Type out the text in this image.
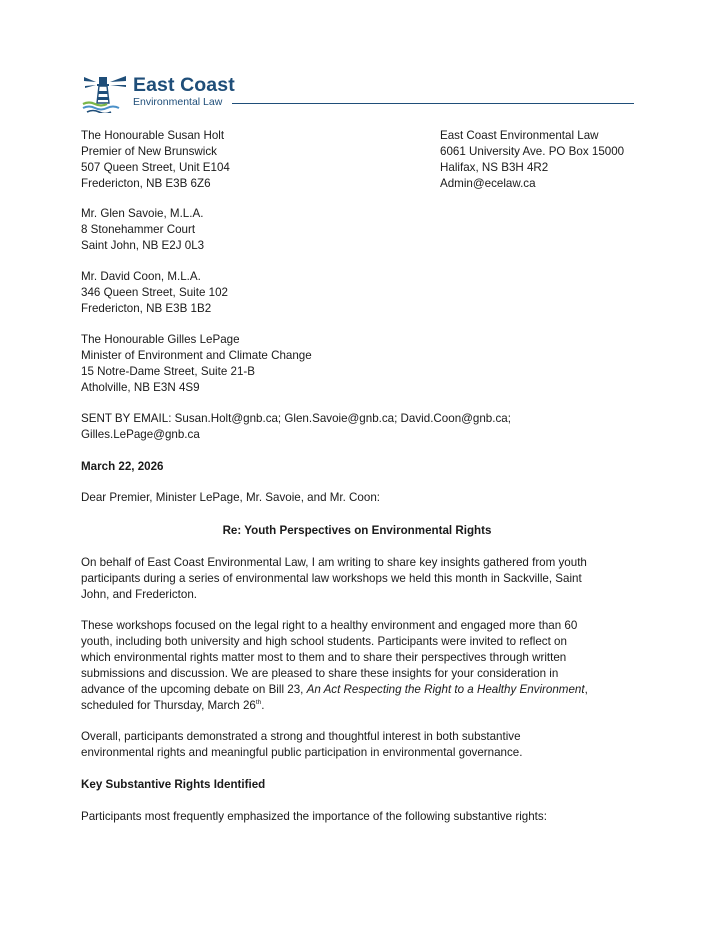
East Coast
Environmental Law
The Honourable Susan Holt
Premier of New Brunswick
507 Queen Street, Unit E104
Fredericton, NB E3B 6Z6
East Coast Environmental Law
6061 University Ave. PO Box 15000
Halifax, NS B3H 4R2
Admin@ecelaw.ca
Mr. Glen Savoie, M.L.A.
8 Stonehammer Court
Saint John, NB E2J 0L3
Mr. David Coon, M.L.A.
346 Queen Street, Suite 102
Fredericton, NB E3B 1B2
The Honourable Gilles LePage
Minister of Environment and Climate Change
15 Notre-Dame Street, Suite 21-B
Atholville, NB E3N 4S9
SENT BY EMAIL: Susan.Holt@gnb.ca; Glen.Savoie@gnb.ca; David.Coon@gnb.ca;
Gilles.LePage@gnb.ca
March 22, 2026
Dear Premier, Minister LePage, Mr. Savoie, and Mr. Coon:
Re: Youth Perspectives on Environmental Rights
On behalf of East Coast Environmental Law, I am writing to share key insights gathered from youth
participants during a series of environmental law workshops we held this month in Sackville, Saint
John, and Fredericton.
These workshops focused on the legal right to a healthy environment and engaged more than 60
youth, including both university and high school students. Participants were invited to reflect on
which environmental rights matter most to them and to share their perspectives through written
submissions and discussion. We are pleased to share these insights for your consideration in
advance of the upcoming debate on Bill 23, An Act Respecting the Right to a Healthy Environment,
scheduled for Thursday, March 26th.
Overall, participants demonstrated a strong and thoughtful interest in both substantive
environmental rights and meaningful public participation in environmental governance.
Key Substantive Rights Identified
Participants most frequently emphasized the importance of the following substantive rights:
